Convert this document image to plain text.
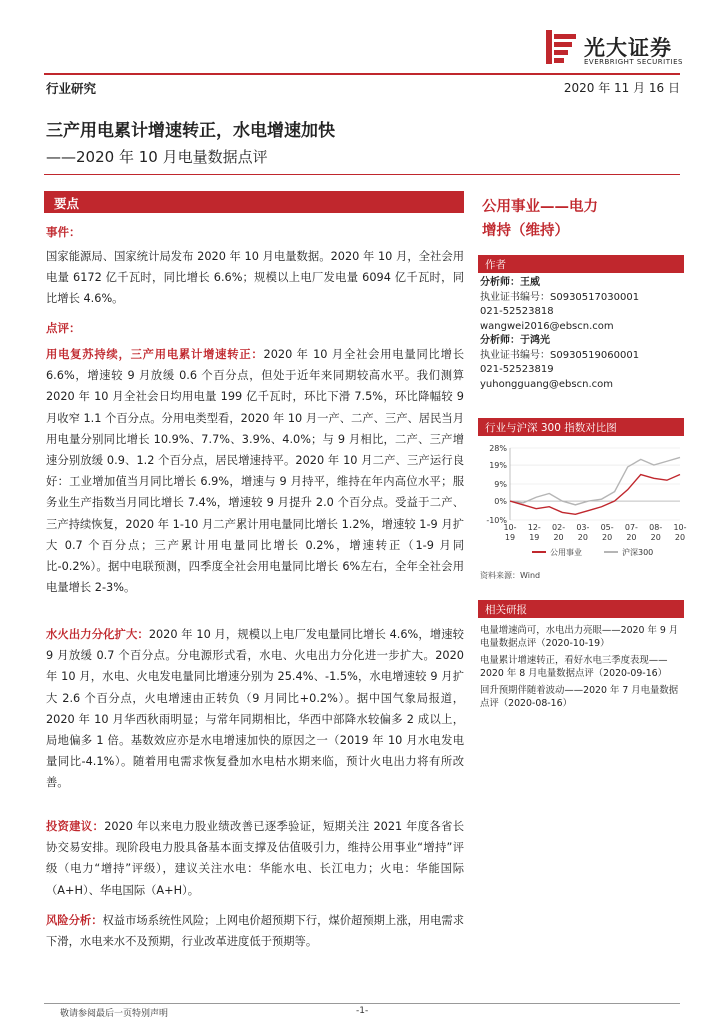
光大证券
EVERBRIGHT SECURITIES
行业研究	2020 年 11 月 16 日
三产用电累计增速转正，水电增速加快
——2020 年 10 月电量数据点评
要点
事件：
国家能源局、国家统计局发布 2020 年 10 月电量数据。2020 年 10 月，全社会用电量 6172 亿千瓦时，同比增长 6.6%；规模以上电厂发电量 6094 亿千瓦时，同比增长 4.6%。
点评：
用电复苏持续，三产用电累计增速转正：2020 年 10 月全社会用电量同比增长 6.6%，增速较 9 月放缓 0.6 个百分点，但处于近年来同期较高水平。我们测算 2020 年 10 月全社会日均用电量 199 亿千瓦时，环比下滑 7.5%，环比降幅较 9 月收窄 1.1 个百分点。分用电类型看，2020 年 10 月一产、二产、三产、居民当月用电量分别同比增长 10.9%、7.7%、3.9%、4.0%；与 9 月相比，二产、三产增速分别放缓 0.9、1.2 个百分点，居民增速持平。2020 年 10 月二产、三产运行良好：工业增加值当月同比增长 6.9%，增速与 9 月持平，维持在年内高位水平；服务业生产指数当月同比增长 7.4%，增速较 9 月提升 2.0 个百分点。受益于二产、三产持续恢复，2020 年 1-10 月二产累计用电量同比增长 1.2%，增速较 1-9 月扩大 0.7 个百分点；三产累计用电量同比增长 0.2%，增速转正（1-9 月同比-0.2%）。据中电联预测，四季度全社会用电量同比增长 6%左右，全年全社会用电量增长 2-3%。
水火出力分化扩大：2020 年 10 月，规模以上电厂发电量同比增长 4.6%，增速较 9 月放缓 0.7 个百分点。分电源形式看，水电、火电出力分化进一步扩大。2020 年 10 月，水电、火电发电量同比增速分别为 25.4%、-1.5%，水电增速较 9 月扩大 2.6 个百分点，火电增速由正转负（9 月同比+0.2%）。据中国气象局报道，2020 年 10 月华西秋雨明显；与常年同期相比，华西中部降水较偏多 2 成以上，局地偏多 1 倍。基数效应亦是水电增速加快的原因之一（2019 年 10 月水电发电量同比-4.1%）。随着用电需求恢复叠加水电枯水期来临，预计火电出力将有所改善。
投资建议：2020 年以来电力股业绩改善已逐季验证，短期关注 2021 年度各省长协交易安排。现阶段电力股具备基本面支撑及估值吸引力，维持公用事业“增持”评级（电力“增持”评级），建议关注水电：华能水电、长江电力；火电：华能国际（A+H）、华电国际（A+H）。
风险分析：权益市场系统性风险；上网电价超预期下行，煤价超预期上涨，用电需求下滑，水电来水不及预期，行业改革进度低于预期等。
公用事业——电力
增持（维持）
作者
分析师：王威
执业证书编号：S0930517030001
021-52523818
wangwei2016@ebscn.com
分析师：于鸿光
执业证书编号：S0930519060001
021-52523819
yuhongguang@ebscn.com
行业与沪深 300 指数对比图
28%
19%
9%
0%
-10%
10-
19
12-
19
02-
20
03-
20
05-
20
07-
20
08-
20
10-
20
公用事业	沪深300
资料来源：Wind
相关研报
电量增速尚可，水电出力亮眼——2020 年 9 月电量数据点评（2020-10-19）
电量累计增速转正，看好水电三季度表现——2020 年 8 月电量数据点评（2020-09-16）
回升预期伴随着波动——2020 年 7 月电量数据点评（2020-08-16）
敬请参阅最后一页特别声明	-1-
